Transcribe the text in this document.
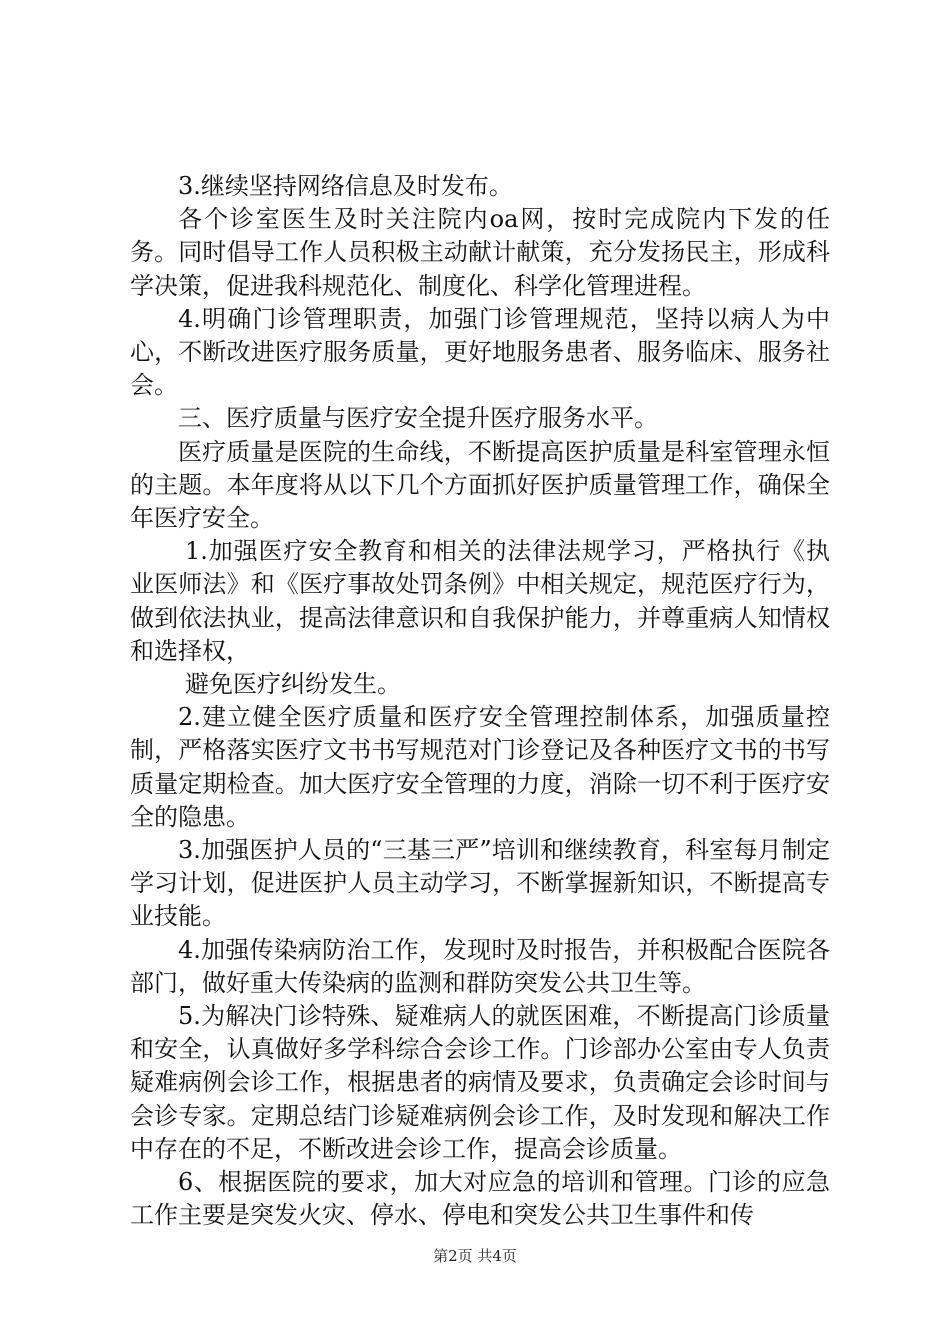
3.继续坚持网络信息及时发布。

各个诊室医生及时关注院内oa网，按时完成院内下发的任务。同时倡导工作人员积极主动献计献策，充分发扬民主，形成科学决策，促进我科规范化、制度化、科学化管理进程。

4.明确门诊管理职责，加强门诊管理规范，坚持以病人为中心，不断改进医疗服务质量，更好地服务患者、服务临床、服务社会。

三、医疗质量与医疗安全提升医疗服务水平。

医疗质量是医院的生命线，不断提高医护质量是科室管理永恒的主题。本年度将从以下几个方面抓好医护质量管理工作，确保全年医疗安全。

1.加强医疗安全教育和相关的法律法规学习，严格执行《执业医师法》和《医疗事故处罚条例》中相关规定，规范医疗行为，做到依法执业，提高法律意识和自我保护能力，并尊重病人知情权和选择权，

避免医疗纠纷发生。

2.建立健全医疗质量和医疗安全管理控制体系，加强质量控制，严格落实医疗文书书写规范对门诊登记及各种医疗文书的书写质量定期检查。加大医疗安全管理的力度，消除一切不利于医疗安全的隐患。

3.加强医护人员的“三基三严”培训和继续教育，科室每月制定学习计划，促进医护人员主动学习，不断掌握新知识，不断提高专业技能。

4.加强传染病防治工作，发现时及时报告，并积极配合医院各部门，做好重大传染病的监测和群防突发公共卫生等。

5.为解决门诊特殊、疑难病人的就医困难，不断提高门诊质量和安全，认真做好多学科综合会诊工作。门诊部办公室由专人负责疑难病例会诊工作，根据患者的病情及要求，负责确定会诊时间与会诊专家。定期总结门诊疑难病例会诊工作，及时发现和解决工作中存在的不足，不断改进会诊工作，提高会诊质量。

6、根据医院的要求，加大对应急的培训和管理。门诊的应急工作主要是突发火灾、停水、停电和突发公共卫生事件和传

第2页 共4页
